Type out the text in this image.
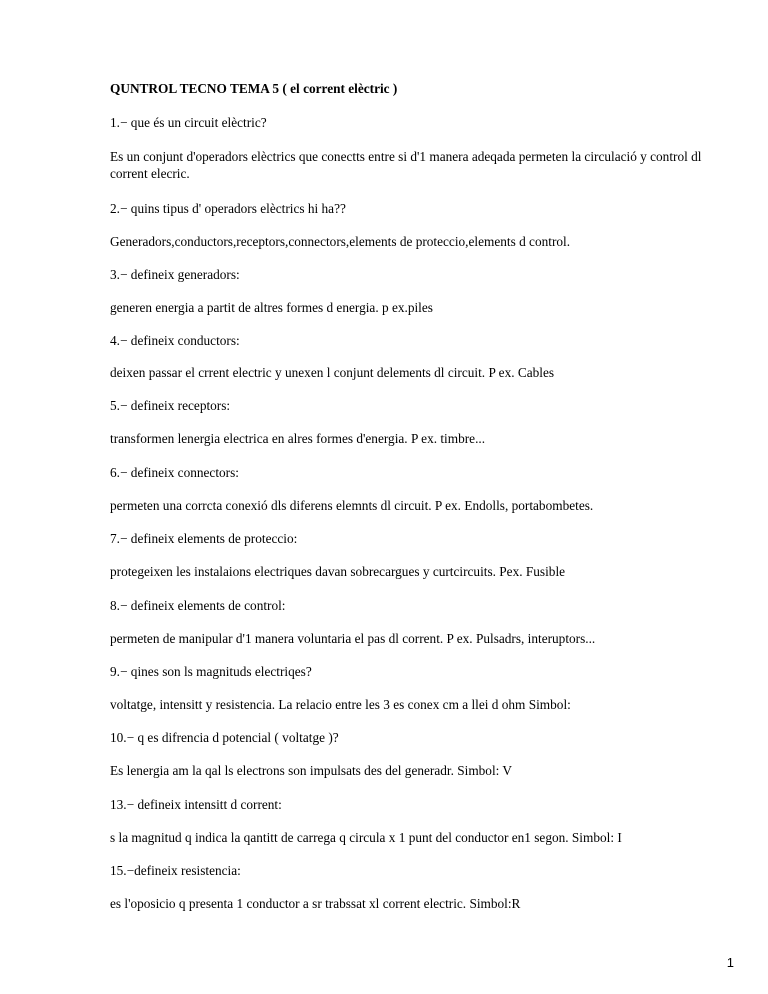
QUNTROL TECNO TEMA 5 ( el corrent elèctric )
1.− que és un circuit elèctric?
Es un conjunt d'operadors elèctrics que conectts entre si d'1 manera adeqada permeten la circulació y control dl corrent elecric.
2.− quins tipus d' operadors elèctrics hi ha??
Generadors,conductors,receptors,connectors,elements de proteccio,elements d control.
3.− defineix generadors:
generen energia a partit de altres formes d energia. p ex.piles
4.− defineix conductors:
deixen passar el crrent electric y unexen l conjunt delements dl circuit. P ex. Cables
5.− defineix receptors:
transformen lenergia electrica en alres formes d'energia. P ex. timbre...
6.− defineix connectors:
permeten una corrcta conexió dls diferens elemnts dl circuit. P ex. Endolls, portabombetes.
7.− defineix elements de proteccio:
protegeixen les instalaions electriques davan sobrecargues y curtcircuits. Pex. Fusible
8.− defineix elements de control:
permeten de manipular d'1 manera voluntaria el pas dl corrent. P ex. Pulsadrs, interuptors...
9.− qines son ls magnituds electriqes?
voltatge, intensitt y resistencia. La relacio entre les 3 es conex cm a llei d ohm Simbol:
10.− q es difrencia d potencial ( voltatge )?
Es lenergia am la qal ls electrons son impulsats des del generadr. Simbol: V
13.− defineix intensitt d corrent:
s la magnitud q indica la qantitt de carrega q circula x 1 punt del conductor en1 segon. Simbol: I
15.−defineix resistencia:
es l'oposicio q presenta 1 conductor a sr trabssat xl corrent electric. Simbol:R
1
